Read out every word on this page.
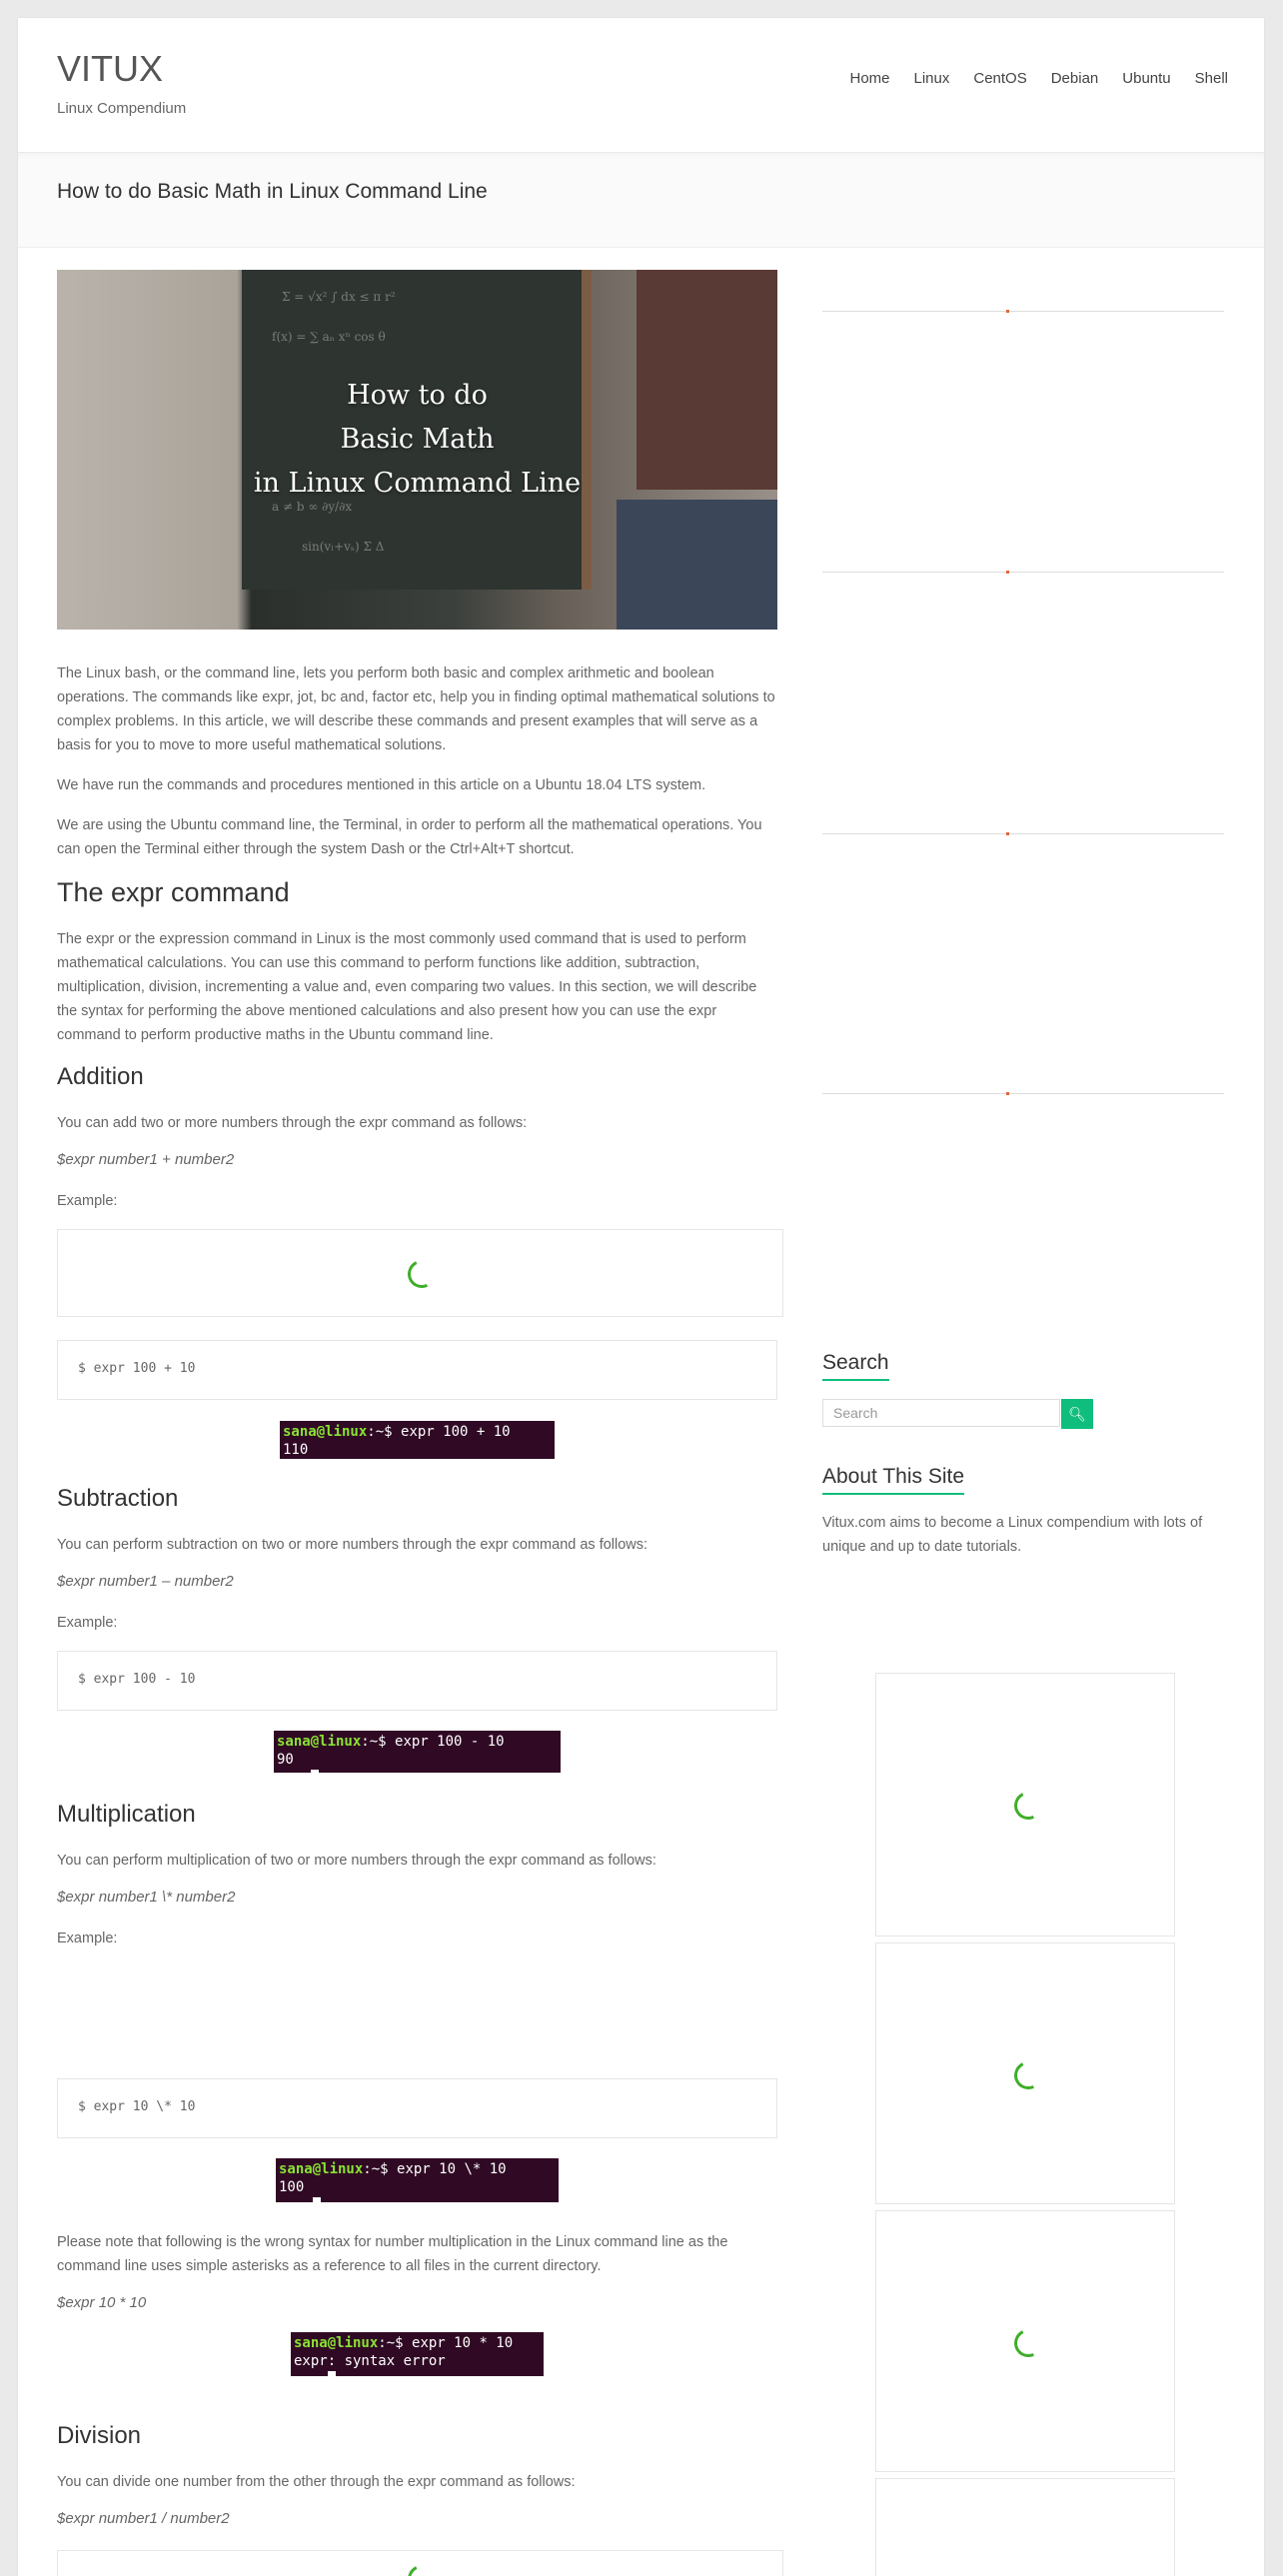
VITUX
Linux Compendium
Home Linux CentOS Debian Ubuntu Shell
How to do Basic Math in Linux Command Line
Σ = √x² ∫ dx ≤ π r²
f(x) = ∑ aₙ xⁿ cos θ
a ≠ b ∞ ∂y/∂x
sin(vₗ+vₛ) Σ Δ
How to do
Basic Math
in Linux Command Line

The Linux bash, or the command line, lets you perform both basic and complex arithmetic and boolean operations. The commands like expr, jot, bc and, factor etc, help you in finding optimal mathematical solutions to complex problems. In this article, we will describe these commands and present examples that will serve as a basis for you to move to more useful mathematical solutions.

We have run the commands and procedures mentioned in this article on a Ubuntu 18.04 LTS system.

We are using the Ubuntu command line, the Terminal, in order to perform all the mathematical operations. You can open the Terminal either through the system Dash or the Ctrl+Alt+T shortcut.

The expr command

The expr or the expression command in Linux is the most commonly used command that is used to perform mathematical calculations. You can use this command to perform functions like addition, subtraction, multiplication, division, incrementing a value and, even comparing two values. In this section, we will describe the syntax for performing the above mentioned calculations and also present how you can use the expr command to perform productive maths in the Ubuntu command line.

Addition

You can add two or more numbers through the expr command as follows:

$expr number1 + number2

Example:

$ expr 100 + 10
sana@linux:~$ expr 100 + 10
110
Subtraction

You can perform subtraction on two or more numbers through the expr command as follows:

$expr number1 – number2

Example:

$ expr 100 - 10
sana@linux:~$ expr 100 - 10
90

Multiplication

You can perform multiplication of two or more numbers through the expr command as follows:

$expr number1 \* number2

Example:

$ expr 10 \* 10
sana@linux:~$ expr 10 \* 10
100

Please note that following is the wrong syntax for number multiplication in the Linux command line as the command line uses simple asterisks as a reference to all files in the current directory.

$expr 10 * 10

sana@linux:~$ expr 10 * 10
expr: syntax error

Division

You can divide one number from the other through the expr command as follows:

$expr number1 / number2

Search
Search	🔍︎
About This Site

Vitux.com aims to become a Linux compendium with lots of unique and up to date tutorials.
